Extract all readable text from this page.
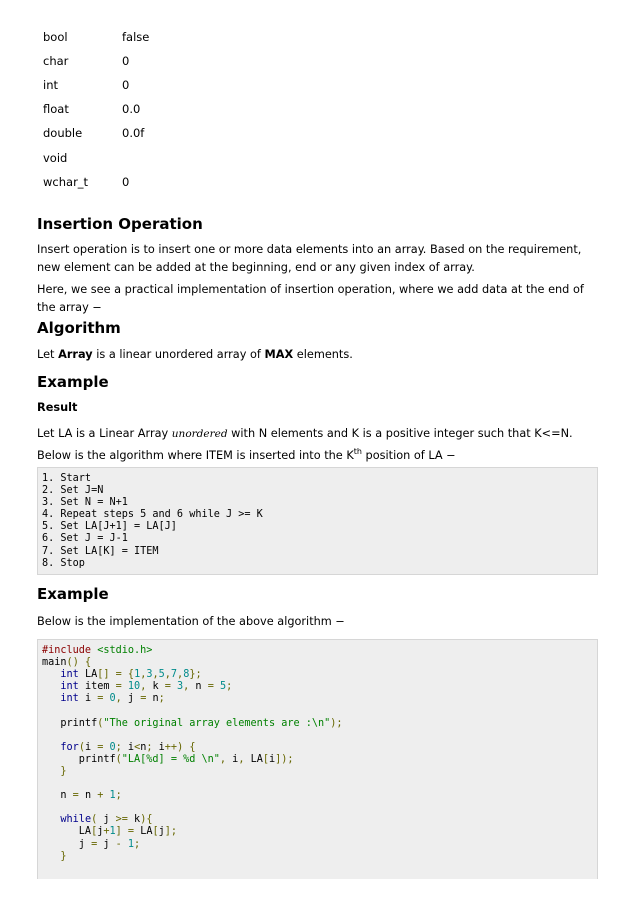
bool	false
char	0
int	0
float	0.0
double	0.0f
void	
wchar_t	0
Insertion Operation

Insert operation is to insert one or more data elements into an array. Based on the requirement, new element can be added at the beginning, end or any given index of array.

Here, we see a practical implementation of insertion operation, where we add data at the end of the array −

Algorithm

Let Array is a linear unordered array of MAX elements.

Example
Result

Let LA is a Linear Array unordered with N elements and K is a positive integer such that K<=N. Below is the algorithm where ITEM is inserted into the $K^{th}$ position of LA −

1. Start
2. Set J=N
3. Set N = N+1
4. Repeat steps 5 and 6 while J >= K
5. Set LA[J+1] = LA[J]
6. Set J = J-1
7. Set LA[K] = ITEM
8. Stop
Example

Below is the implementation of the above algorithm −

#include <stdio.h>
main() {
int LA[] = {1,3,5,7,8};
int item = 10, k = 3, n = 5;
int i = 0, j = n;

printf("The original array elements are :\n");

for(i = 0; i<n; i++) {
printf("LA[%d] = %d \n", i, LA[i]);
}

n = n + 1;

while( j >= k){
LA[j+1] = LA[j];
j = j - 1;
}
